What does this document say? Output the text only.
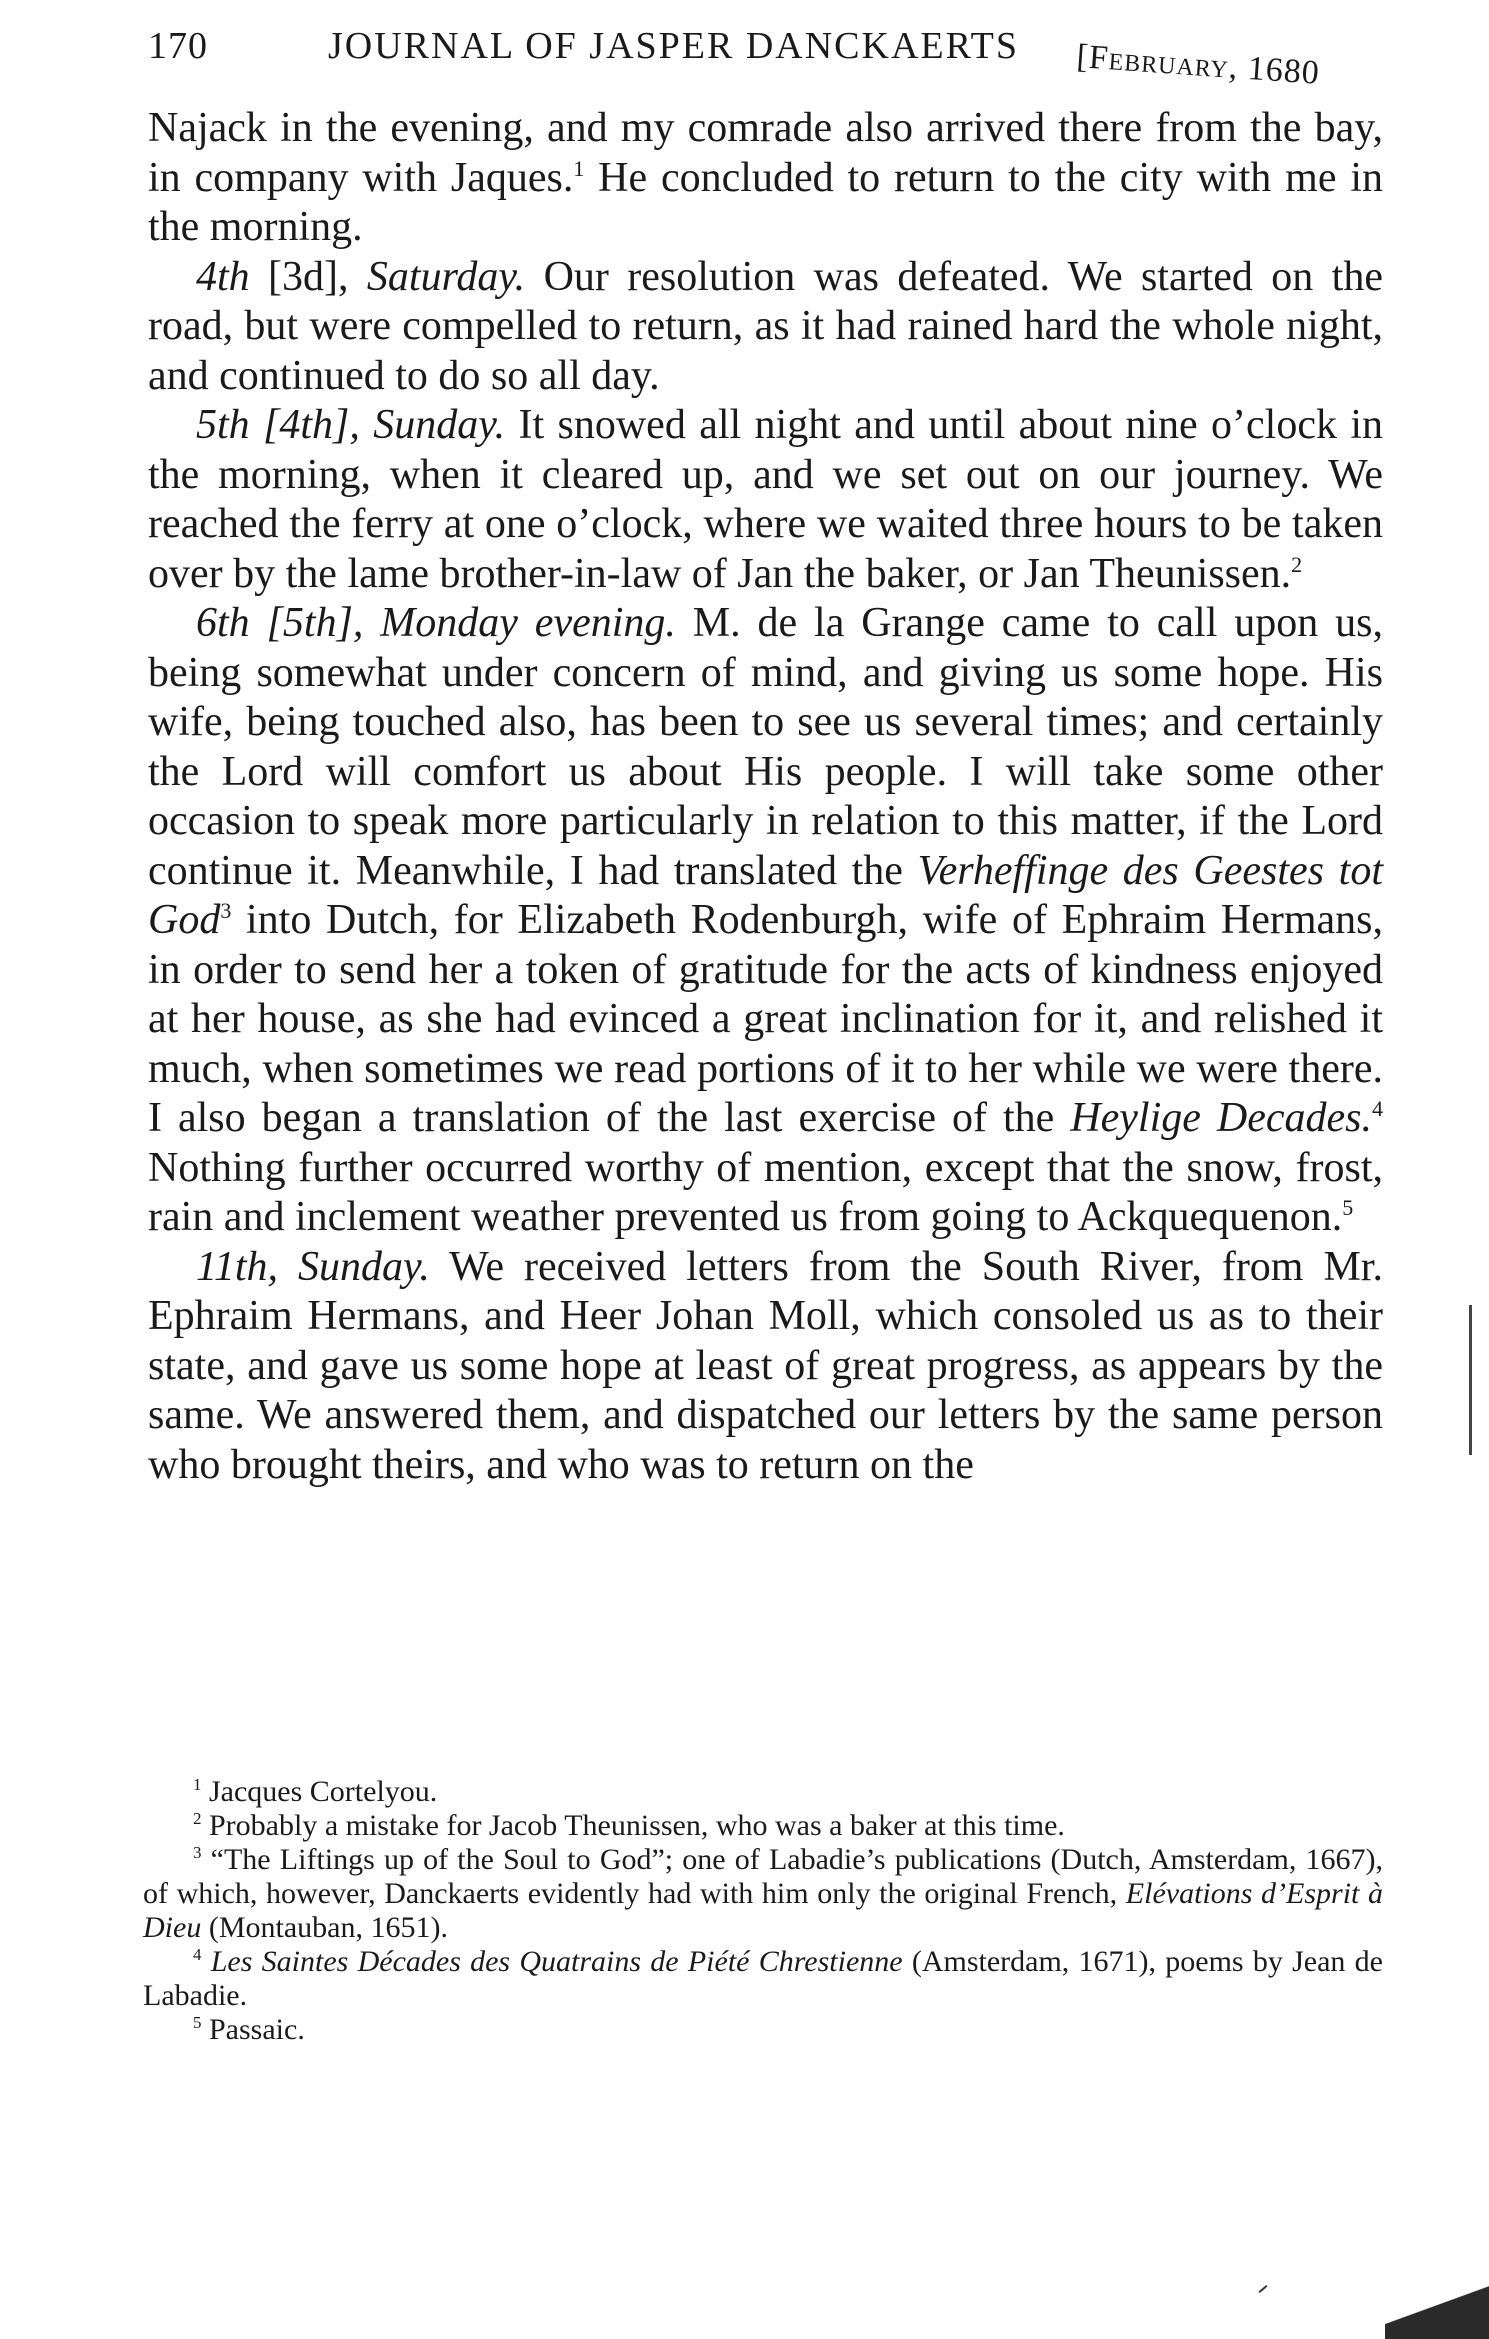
170	JOURNAL OF JASPER DANCKAERTS [February, 1680

Najack in the evening, and my comrade also arrived there from the bay, in company with Jaques.$^1$ He concluded to return to the city with me in the morning.

4th [3d], Saturday. Our resolution was defeated. We started on the road, but were compelled to return, as it had rained hard the whole night, and continued to do so all day.

5th [4th], Sunday. It snowed all night and until about nine o’clock in the morning, when it cleared up, and we set out on our journey. We reached the ferry at one o’clock, where we waited three hours to be taken over by the lame brother-in-law of Jan the baker, or Jan Theunissen.$^2$

6th [5th], Monday evening. M. de la Grange came to call upon us, being somewhat under concern of mind, and giving us some hope. His wife, being touched also, has been to see us several times; and certainly the Lord will comfort us about His people. I will take some other occasion to speak more particularly in relation to this matter, if the Lord continue it. Meanwhile, I had translated the Verheffinge des Geestes tot God$^3$ into Dutch, for Elizabeth Rodenburgh, wife of Ephraim Hermans, in order to send her a token of gratitude for the acts of kindness enjoyed at her house, as she had evinced a great inclination for it, and relished it much, when sometimes we read portions of it to her while we were there. I also began a translation of the last exercise of the Heylige Decades.$^4$ Nothing further occurred worthy of mention, except that the snow, frost, rain and inclement weather prevented us from going to Ackquequenon.$^5$

11th, Sunday. We received letters from the South River, from Mr. Ephraim Hermans, and Heer Johan Moll, which consoled us as to their state, and gave us some hope at least of great progress, as appears by the same. We answered them, and dispatched our letters by the same person who brought theirs, and who was to return on the

$^1$ Jacques Cortelyou.

$^2$ Probably a mistake for Jacob Theunissen, who was a baker at this time.

$^3$ “The Liftings up of the Soul to God”; one of Labadie’s publications (Dutch, Amsterdam, 1667), of which, however, Danckaerts evidently had with him only the original French, Elévations d’Esprit à Dieu (Montauban, 1651).

$^4$ Les Saintes Décades des Quatrains de Piété Chrestienne (Amsterdam, 1671), poems by Jean de Labadie.

$^5$ Passaic.
